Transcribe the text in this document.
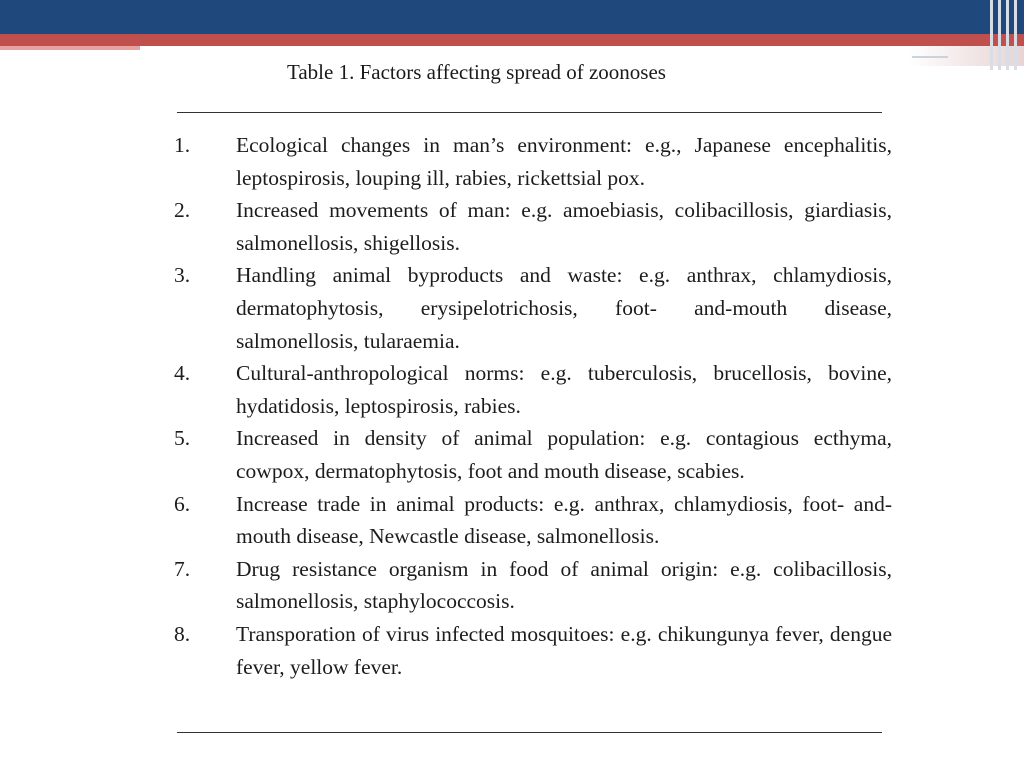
Table 1. Factors affecting spread of zoonoses
1. Ecological changes in man’s environment: e.g., Japanese encephalitis, leptospirosis, louping ill, rabies, rickettsial pox.
2. Increased movements of man: e.g. amoebiasis, colibacillosis, giardiasis, salmonellosis, shigellosis.
3. Handling animal byproducts and waste: e.g. anthrax, chlamydiosis, dermatophytosis, erysipelotrichosis, foot- and-mouth disease, salmonellosis, tularaemia.
4. Cultural-anthropological norms: e.g. tuberculosis, brucellosis, bovine, hydatidosis, leptospirosis, rabies.
5. Increased in density of animal population: e.g. contagious ecthyma, cowpox, dermatophytosis, foot and mouth disease, scabies.
6. Increase trade in animal products: e.g. anthrax, chlamydiosis, foot- and-mouth disease, Newcastle disease, salmonellosis.
7. Drug resistance organism in food of animal origin: e.g. colibacillosis, salmonellosis, staphylococcosis.
8. Transporation of virus infected mosquitoes: e.g. chikungunya fever, dengue fever, yellow fever.
